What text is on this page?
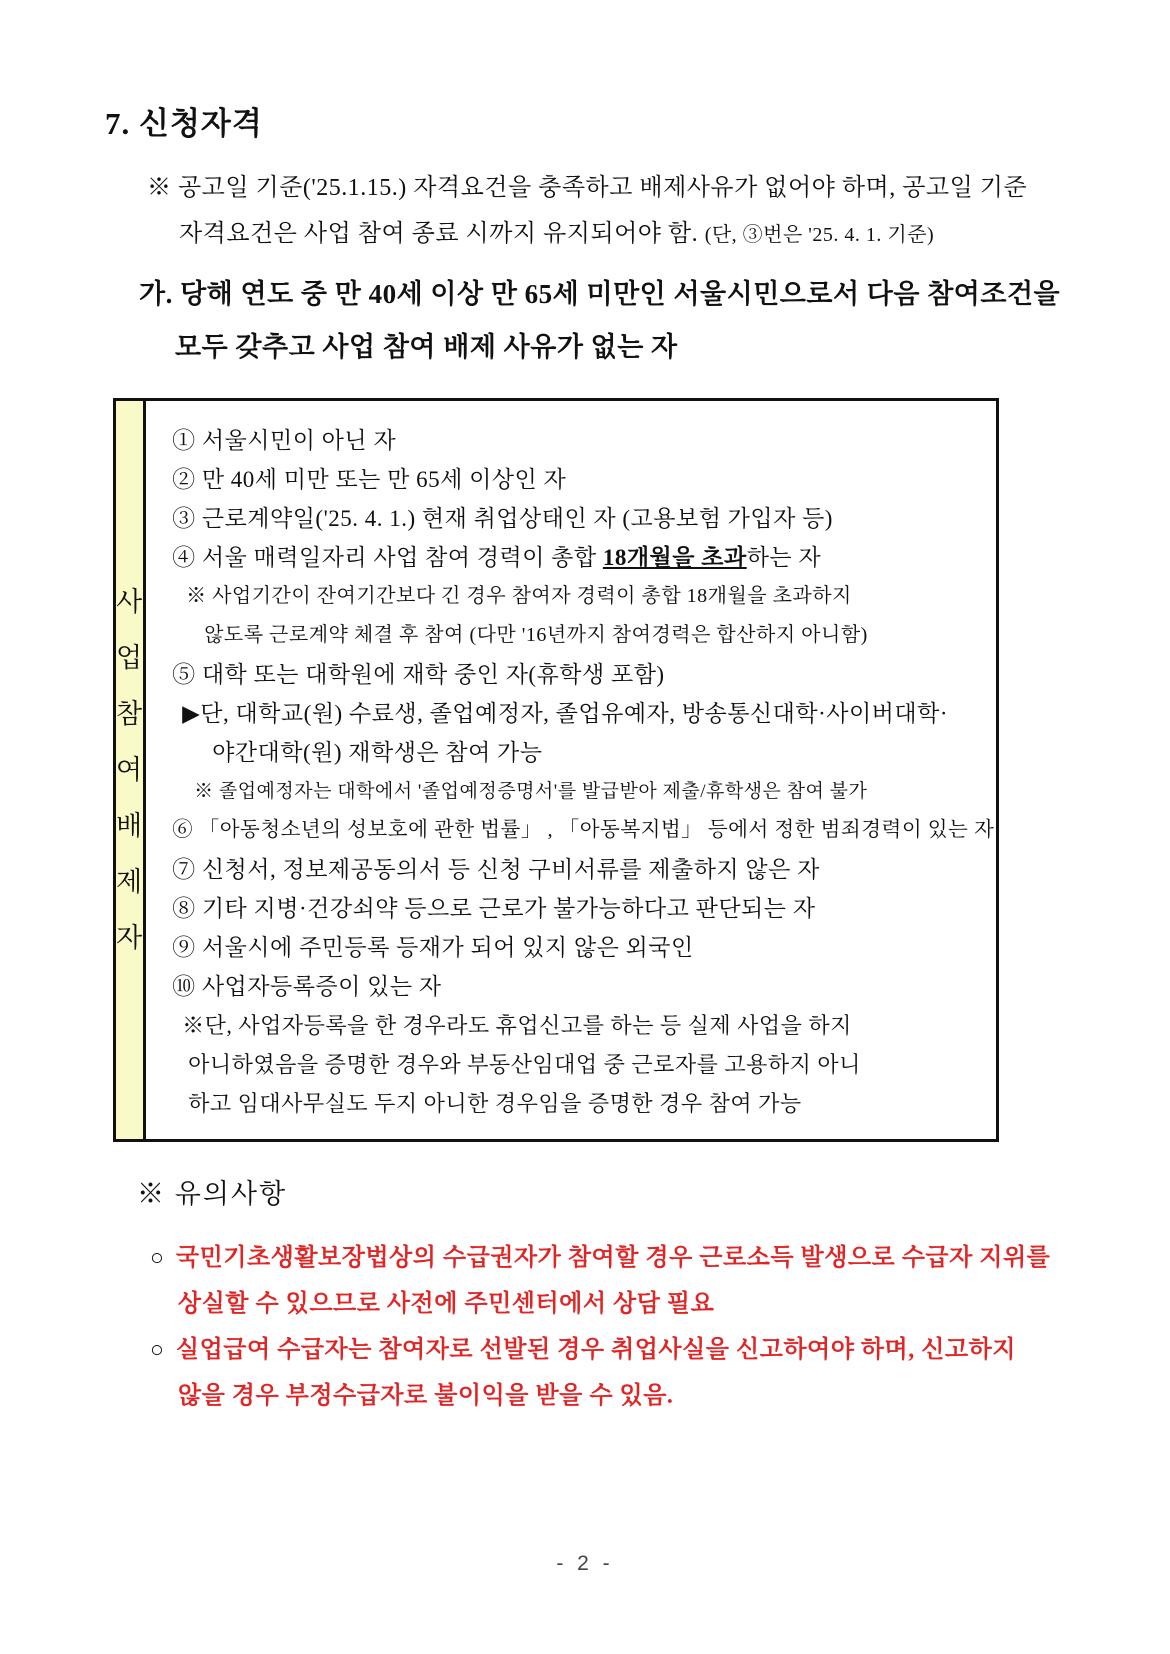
7. 신청자격
※ 공고일 기준('25.1.15.) 자격요건을 충족하고 배제사유가 없어야 하며, 공고일 기준
자격요건은 사업 참여 종료 시까지 유지되어야 함. (단, ③번은 '25. 4. 1. 기준)
가. 당해 연도 중 만 40세 이상 만 65세 미만인 서울시민으로서 다음 참여조건을
모두 갖추고 사업 참여 배제 사유가 없는 자
사업
참여
배제자
① 서울시민이 아닌 자
② 만 40세 미만 또는 만 65세 이상인 자
③ 근로계약일('25. 4. 1.) 현재 취업상태인 자 (고용보험 가입자 등)
④ 서울 매력일자리 사업 참여 경력이 총합 18개월을 초과하는 자
※ 사업기간이 잔여기간보다 긴 경우 참여자 경력이 총합 18개월을 초과하지
않도록 근로계약 체결 후 참여 (다만 '16년까지 참여경력은 합산하지 아니함)
⑤ 대학 또는 대학원에 재학 중인 자(휴학생 포함)
▶단, 대학교(원) 수료생, 졸업예정자, 졸업유예자, 방송통신대학·사이버대학·
야간대학(원) 재학생은 참여 가능
※ 졸업예정자는 대학에서 '졸업예정증명서'를 발급받아 제출/휴학생은 참여 불가
⑥ 「아동청소년의 성보호에 관한 법률」 , 「아동복지법」 등에서 정한 범죄경력이 있는 자
⑦ 신청서, 정보제공동의서 등 신청 구비서류를 제출하지 않은 자
⑧ 기타 지병·건강쇠약 등으로 근로가 불가능하다고 판단되는 자
⑨ 서울시에 주민등록 등재가 되어 있지 않은 외국인
⑩ 사업자등록증이 있는 자
※단, 사업자등록을 한 경우라도 휴업신고를 하는 등 실제 사업을 하지
아니하였음을 증명한 경우와 부동산임대업 중 근로자를 고용하지 아니
하고 임대사무실도 두지 아니한 경우임을 증명한 경우 참여 가능
※ 유의사항
○ 국민기초생활보장법상의 수급권자가 참여할 경우 근로소득 발생으로 수급자 지위를
상실할 수 있으므로 사전에 주민센터에서 상담 필요
○ 실업급여 수급자는 참여자로 선발된 경우 취업사실을 신고하여야 하며, 신고하지
않을 경우 부정수급자로 불이익을 받을 수 있음.
- 2 -
